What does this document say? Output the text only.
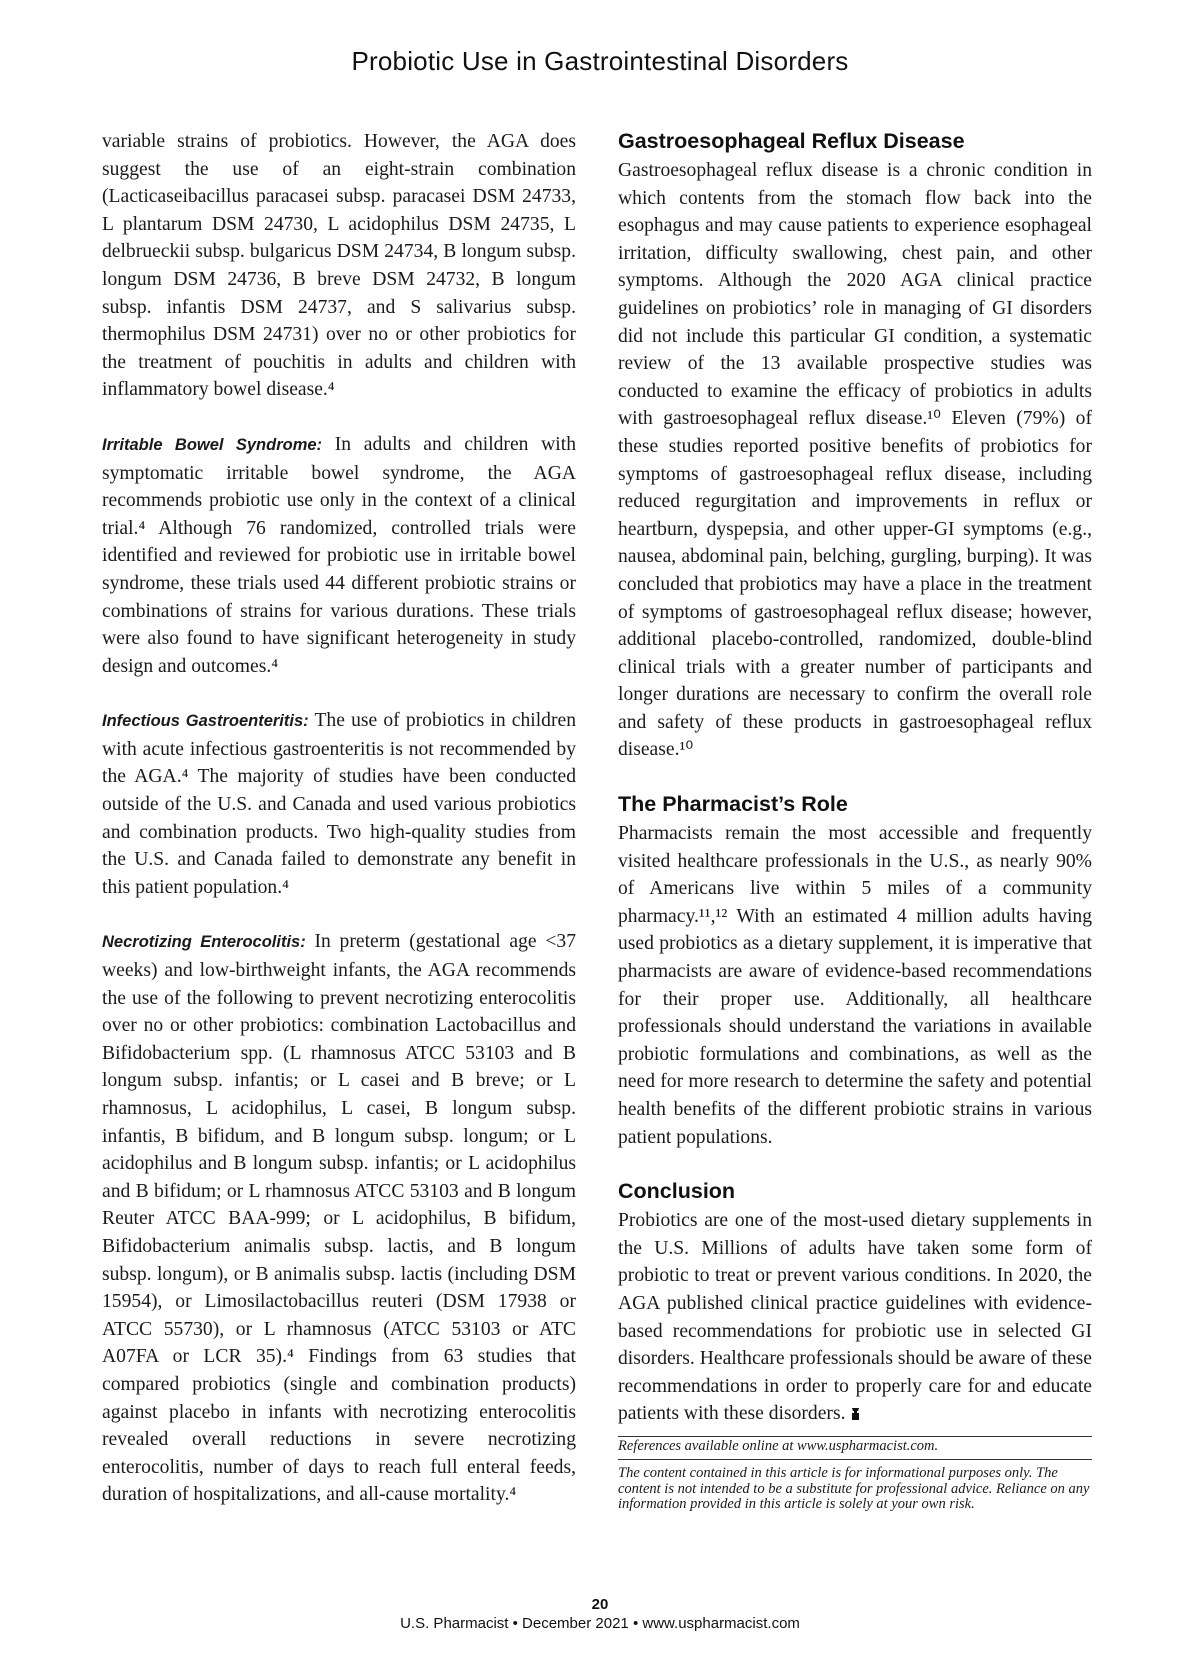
Probiotic Use in Gastrointestinal Disorders

variable strains of probiotics. However, the AGA does suggest the use of an eight-strain combination (Lacticaseibacillus paracasei subsp. paracasei DSM 24733, L plantarum DSM 24730, L acidophilus DSM 24735, L delbrueckii subsp. bulgaricus DSM 24734, B longum subsp. longum DSM 24736, B breve DSM 24732, B longum subsp. infantis DSM 24737, and S salivarius subsp. thermophilus DSM 24731) over no or other probiotics for the treatment of pouchitis in adults and children with inflammatory bowel disease.⁴

Irritable Bowel Syndrome: In adults and children with symptomatic irritable bowel syndrome, the AGA recommends probiotic use only in the context of a clinical trial.⁴ Although 76 randomized, controlled trials were identified and reviewed for probiotic use in irritable bowel syndrome, these trials used 44 different probiotic strains or combinations of strains for various durations. These trials were also found to have significant heterogeneity in study design and outcomes.⁴

Infectious Gastroenteritis: The use of probiotics in children with acute infectious gastroenteritis is not recommended by the AGA.⁴ The majority of studies have been conducted outside of the U.S. and Canada and used various probiotics and combination products. Two high-quality studies from the U.S. and Canada failed to demonstrate any benefit in this patient population.⁴

Necrotizing Enterocolitis: In preterm (gestational age <37 weeks) and low-birthweight infants, the AGA recommends the use of the following to prevent necrotizing enterocolitis over no or other probiotics: combination Lactobacillus and Bifidobacterium spp. (L rhamnosus ATCC 53103 and B longum subsp. infantis; or L casei and B breve; or L rhamnosus, L acidophilus, L casei, B longum subsp. infantis, B bifidum, and B longum subsp. longum; or L acidophilus and B longum subsp. infantis; or L acidophilus and B bifidum; or L rhamnosus ATCC 53103 and B longum Reuter ATCC BAA-999; or L acidophilus, B bifidum, Bifidobacterium animalis subsp. lactis, and B longum subsp. longum), or B animalis subsp. lactis (including DSM 15954), or Limosilactobacillus reuteri (DSM 17938 or ATCC 55730), or L rhamnosus (ATCC 53103 or ATC A07FA or LCR 35).⁴ Findings from 63 studies that compared probiotics (single and combination products) against placebo in infants with necrotizing enterocolitis revealed overall reductions in severe necrotizing enterocolitis, number of days to reach full enteral feeds, duration of hospitalizations, and all-cause mortality.⁴

Gastroesophageal Reflux Disease

Gastroesophageal reflux disease is a chronic condition in which contents from the stomach flow back into the esophagus and may cause patients to experience esophageal irritation, difficulty swallowing, chest pain, and other symptoms. Although the 2020 AGA clinical practice guidelines on probiotics’ role in managing of GI disorders did not include this particular GI condition, a systematic review of the 13 available prospective studies was conducted to examine the efficacy of probiotics in adults with gastroesophageal reflux disease.¹⁰ Eleven (79%) of these studies reported positive benefits of probiotics for symptoms of gastroesophageal reflux disease, including reduced regurgitation and improvements in reflux or heartburn, dyspepsia, and other upper-GI symptoms (e.g., nausea, abdominal pain, belching, gurgling, burping). It was concluded that probiotics may have a place in the treatment of symptoms of gastroesophageal reflux disease; however, additional placebo-controlled, randomized, double-blind clinical trials with a greater number of participants and longer durations are necessary to confirm the overall role and safety of these products in gastroesophageal reflux disease.¹⁰

The Pharmacist’s Role

Pharmacists remain the most accessible and frequently visited healthcare professionals in the U.S., as nearly 90% of Americans live within 5 miles of a community pharmacy.¹¹,¹² With an estimated 4 million adults having used probiotics as a dietary supplement, it is imperative that pharmacists are aware of evidence-based recommendations for their proper use. Additionally, all healthcare professionals should understand the variations in available probiotic formulations and combinations, as well as the need for more research to determine the safety and potential health benefits of the different probiotic strains in various patient populations.

Conclusion

Probiotics are one of the most-used dietary supplements in the U.S. Millions of adults have taken some form of probiotic to treat or prevent various conditions. In 2020, the AGA published clinical practice guidelines with evidence-based recommendations for probiotic use in selected GI disorders. Healthcare professionals should be aware of these recommendations in order to properly care for and educate patients with these disorders.

References available online at www.uspharmacist.com.
The content contained in this article is for informational purposes only. The content is not intended to be a substitute for professional advice. Reliance on any information provided in this article is solely at your own risk.
20
U.S. Pharmacist • December 2021 • www.uspharmacist.com
